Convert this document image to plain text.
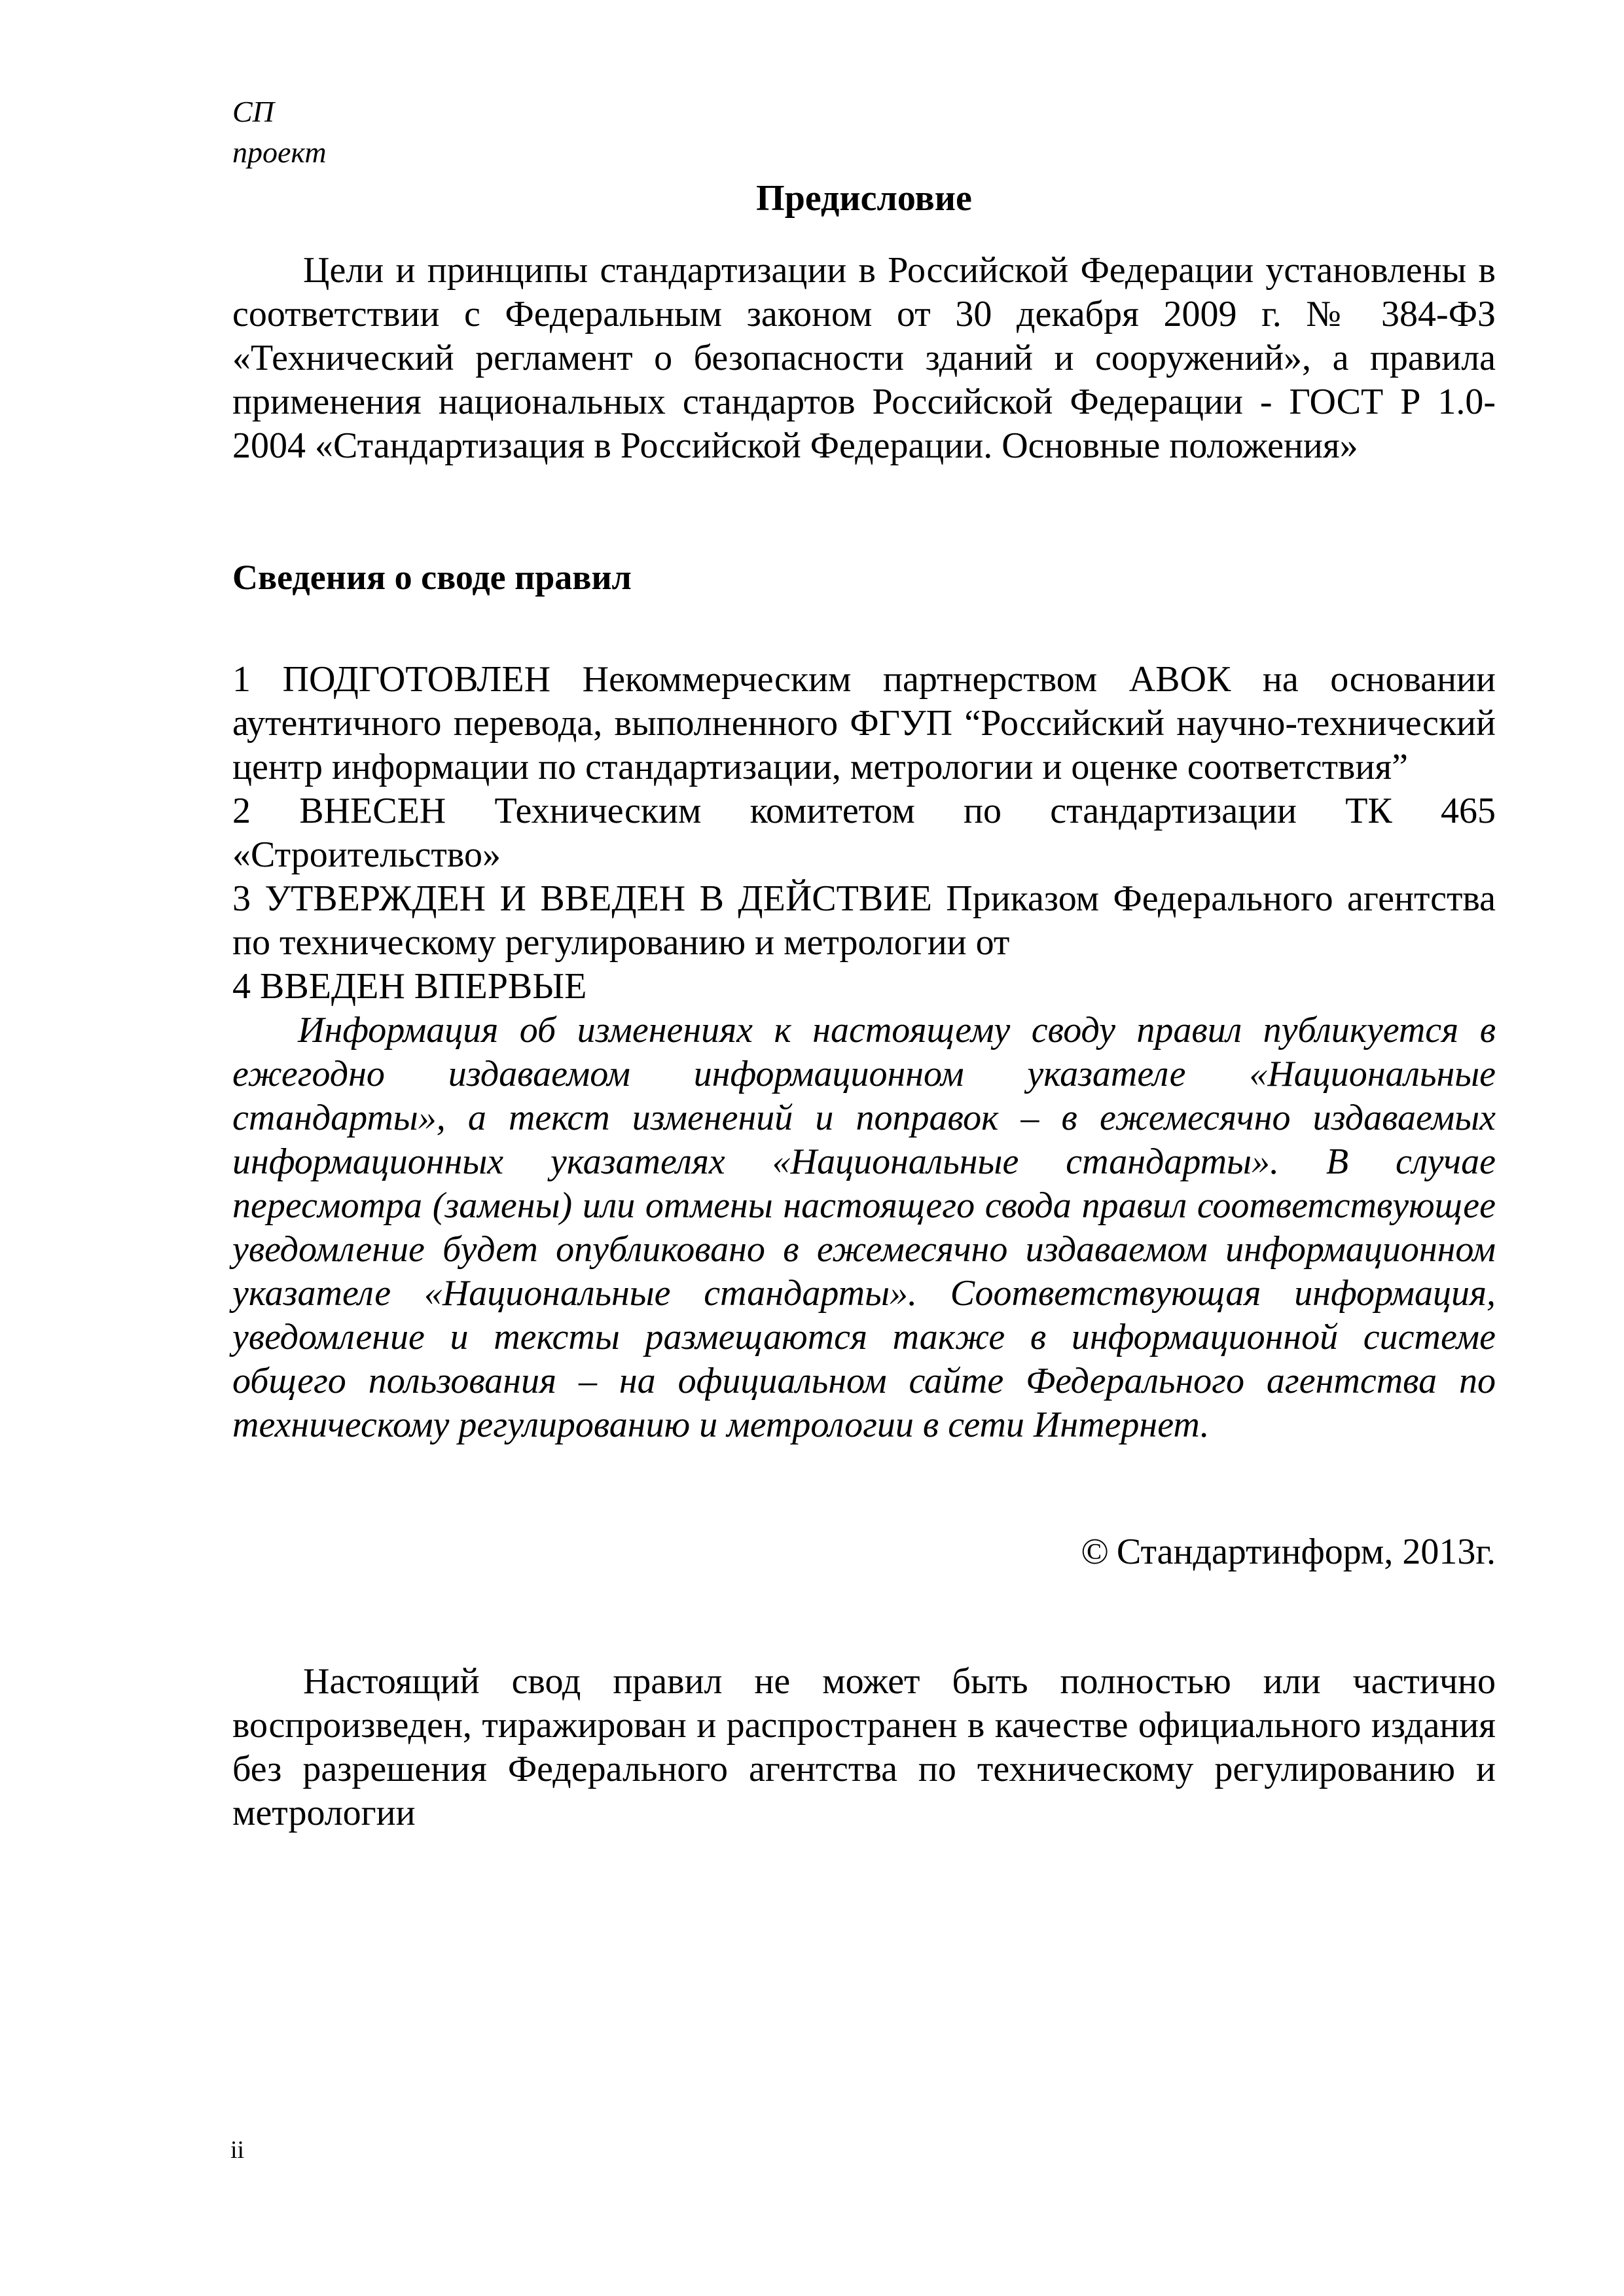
СП
проект
Предисловие

Цели и принципы стандартизации в Российской Федерации установлены в соответствии с Федеральным законом от 30 декабря 2009 г. № 384-ФЗ «Технический регламент о безопасности зданий и сооружений», а правила применения национальных стандартов Российской Федерации - ГОСТ Р 1.0-2004 «Стандартизация в Российской Федерации. Основные положения»

Сведения о своде правил

1 ПОДГОТОВЛЕН Некоммерческим партнерством АВОК на основании аутентичного перевода, выполненного ФГУП “Российский научно-технический центр информации по стандартизации, метрологии и оценке соответствия”

2 ВНЕСЕН Техническим комитетом по стандартизации ТК 465 «Строительство»

3 УТВЕРЖДЕН И ВВЕДЕН В ДЕЙСТВИЕ Приказом Федерального агентства по техническому регулированию и метрологии от

4 ВВЕДЕН ВПЕРВЫЕ

Информация об изменениях к настоящему своду правил публикуется в ежегодно издаваемом информационном указателе «Национальные стандарты», а текст изменений и поправок – в ежемесячно издаваемых информационных указателях «Национальные стандарты». В случае пересмотра (замены) или отмены настоящего свода правил соответствующее уведомление будет опубликовано в ежемесячно издаваемом информационном указателе «Национальные стандарты». Соответствующая информация, уведомление и тексты размещаются также в информационной системе общего пользования – на официальном сайте Федерального агентства по техническому регулированию и метрологии в сети Интернет.

© Стандартинформ, 2013г.

Настоящий свод правил не может быть полностью или частично воспроизведен, тиражирован и распространен в качестве официального издания без разрешения Федерального агентства по техническому регулированию и метрологии

ii
